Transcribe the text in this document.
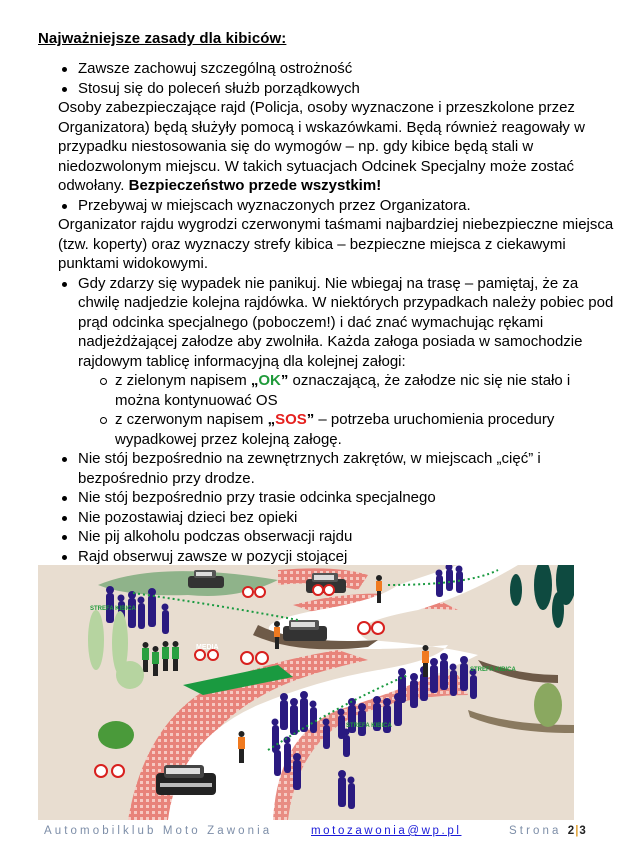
Najważniejsze zasady dla kibiców:
Zawsze zachowuj szczególną ostrożność
Stosuj się do poleceń służb porządkowych
Osoby zabezpieczające rajd (Policja, osoby wyznaczone i przeszkolone przez Organizatora) będą służyły pomocą i wskazówkami. Będą również reagowały w przypadku niestosowania się do wymogów – np. gdy kibice będą stali w niedozwolonym miejscu. W takich sytuacjach Odcinek Specjalny może zostać odwołany. Bezpieczeństwo przede wszystkim!
Przebywaj w miejscach wyznaczonych przez Organizatora.
Organizator rajdu wygrodzi czerwonymi taśmami najbardziej niebezpieczne miejsca (tzw. koperty) oraz wyznaczy strefy kibica – bezpieczne miejsca z ciekawymi punktami widokowymi.
Gdy zdarzy się wypadek nie panikuj. Nie wbiegaj na trasę – pamiętaj, że za chwilę nadjedzie kolejna rajdówka. W niektórych przypadkach należy pobiec pod prąd odcinka specjalnego (poboczem!) i dać znać wymachując rękami nadjeżdżającej załodze aby zwolniła. Każda załoga posiada w samochodzie rajdowym tablicę informacyjną dla kolejnej załogi:
z zielonym napisem „OK” oznaczającą, że załodze nic się nie stało i można kontynuować OS
z czerwonym napisem „SOS” – potrzeba uruchomienia procedury wypadkowej przez kolejną załogę.
Nie stój bezpośrednio na zewnętrznych zakrętów, w miejscach „cięć” i bezpośrednio przy drodze.
Nie stój bezpośrednio przy trasie odcinka specjalnego
Nie pozostawiaj dzieci bez opieki
Nie pij alkoholu podczas obserwacji rajdu
Rajd obserwuj zawsze w pozycji stojącej
STREFA KIBICA
MEDIA
STREFA KIBICA
STREFA KIBICA
Automobilklub Moto Zawonia	motozawonia@wp.pl	Strona 2|3
